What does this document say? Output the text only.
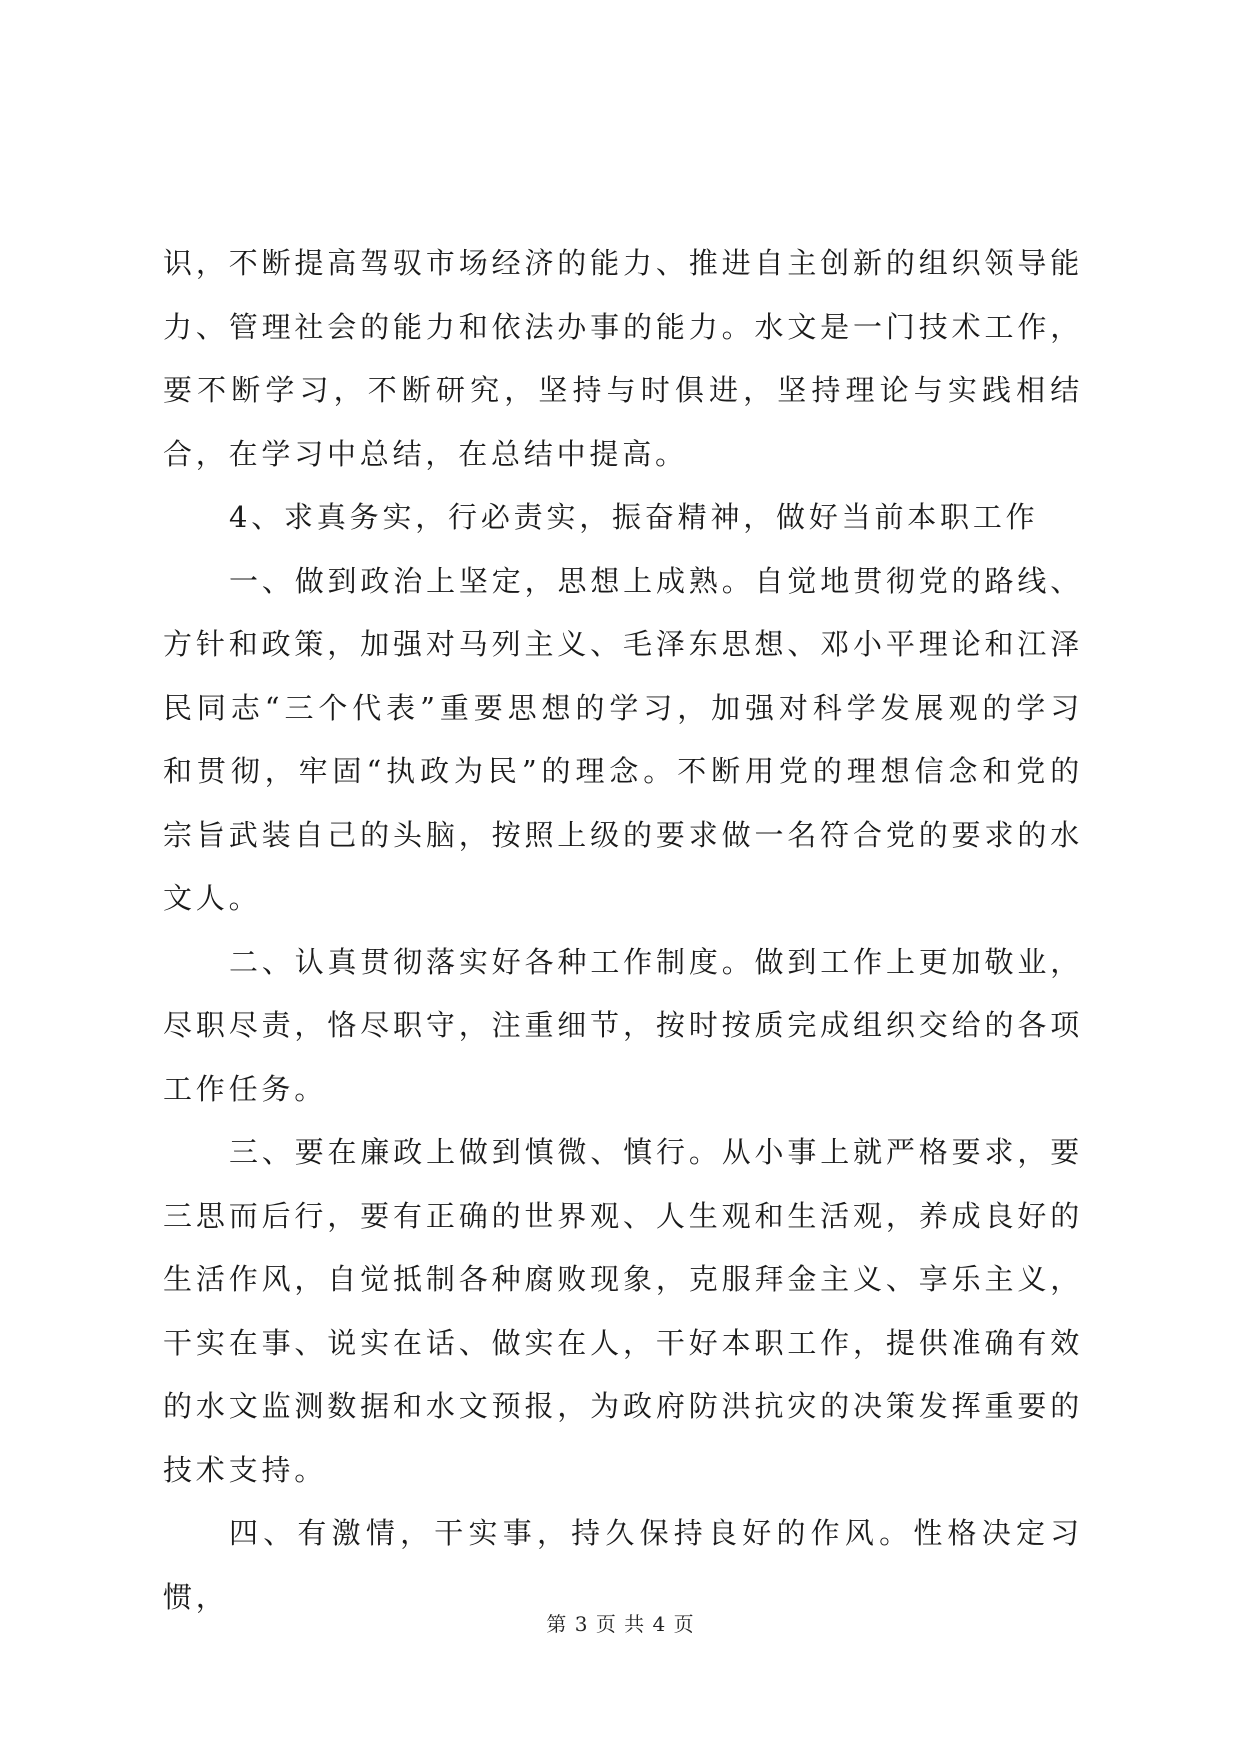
识，不断提高驾驭市场经济的能力、推进自主创新的组织领导能力、管理社会的能力和依法办事的能力。水文是一门技术工作，要不断学习，不断研究，坚持与时俱进，坚持理论与实践相结合，在学习中总结，在总结中提高。

4、求真务实，行必责实，振奋精神，做好当前本职工作

一、做到政治上坚定，思想上成熟。自觉地贯彻党的路线、方针和政策，加强对马列主义、毛泽东思想、邓小平理论和江泽民同志“三个代表”重要思想的学习，加强对科学发展观的学习和贯彻，牢固“执政为民”的理念。不断用党的理想信念和党的宗旨武装自己的头脑，按照上级的要求做一名符合党的要求的水文人。

二、认真贯彻落实好各种工作制度。做到工作上更加敬业，尽职尽责，恪尽职守，注重细节，按时按质完成组织交给的各项工作任务。

三、要在廉政上做到慎微、慎行。从小事上就严格要求，要三思而后行，要有正确的世界观、人生观和生活观，养成良好的生活作风，自觉抵制各种腐败现象，克服拜金主义、享乐主义，干实在事、说实在话、做实在人，干好本职工作，提供准确有效的水文监测数据和水文预报，为政府防洪抗灾的决策发挥重要的技术支持。

四、有激情，干实事，持久保持良好的作风。性格决定习惯，

第 3 页 共 4 页
